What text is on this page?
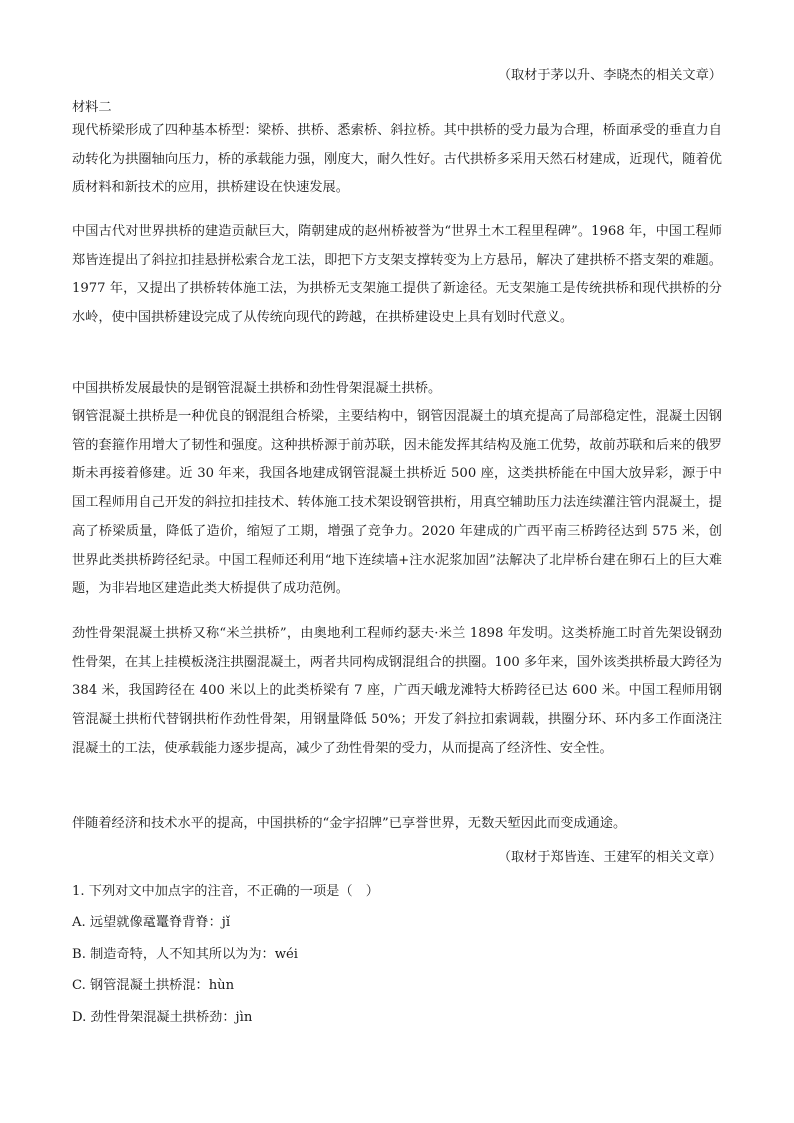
（取材于茅以升、李晓杰的相关文章）
材料二
现代桥梁形成了四种基本桥型：梁桥、拱桥、悉索桥、斜拉桥。其中拱桥的受力最为合理，桥面承受的垂直力自动转化为拱圈轴向压力，桥的承载能力强，刚度大，耐久性好。古代拱桥多采用天然石材建成，近现代，随着优质材料和新技术的应用，拱桥建设在快速发展。
中国古代对世界拱桥的建造贡献巨大，隋朝建成的赵州桥被誉为“世界土木工程里程碑”。1968 年，中国工程师郑皆连提出了斜拉扣挂悬拼松索合龙工法，即把下方支架支撑转变为上方悬吊，解决了建拱桥不搭支架的难题。1977 年，又提出了拱桥转体施工法，为拱桥无支架施工提供了新途径。无支架施工是传统拱桥和现代拱桥的分水岭，使中国拱桥建设完成了从传统向现代的跨越，在拱桥建设史上具有划时代意义。
中国拱桥发展最快的是钢管混凝土拱桥和劲性骨架混凝土拱桥。
钢管混凝土拱桥是一种优良的钢混组合桥梁，主要结构中，钢管因混凝土的填充提高了局部稳定性，混凝土因钢管的套箍作用增大了韧性和强度。这种拱桥源于前苏联，因未能发挥其结构及施工优势，故前苏联和后来的俄罗斯未再接着修建。近 30 年来，我国各地建成钢管混凝土拱桥近 500 座，这类拱桥能在中国大放异彩，源于中国工程师用自己开发的斜拉扣挂技术、转体施工技术架设钢管拱桁，用真空辅助压力法连续灌注管内混凝土，提高了桥梁质量，降低了造价，缩短了工期，增强了竞争力。2020 年建成的广西平南三桥跨径达到 575 米，创世界此类拱桥跨径纪录。中国工程师还利用“地下连续墙+注水泥浆加固”法解决了北岸桥台建在卵石上的巨大难题，为非岩地区建造此类大桥提供了成功范例。
劲性骨架混凝土拱桥又称“米兰拱桥”，由奥地利工程师约瑟夫·米兰 1898 年发明。这类桥施工时首先架设钢劲性骨架，在其上挂模板浇注拱圈混凝土，两者共同构成钢混组合的拱圈。100 多年来，国外该类拱桥最大跨径为 384 米，我国跨径在 400 米以上的此类桥梁有 7 座，广西天峨龙滩特大桥跨径已达 600 米。中国工程师用钢管混凝土拱桁代替钢拱桁作劲性骨架，用钢量降低 50%；开发了斜拉扣索调载，拱圈分环、环内多工作面浇注混凝土的工法，使承载能力逐步提高，减少了劲性骨架的受力，从而提高了经济性、安全性。
伴随着经济和技术水平的提高，中国拱桥的“金字招牌”已享誉世界，无数天堑因此而变成通途。
（取材于郑皆连、王建军的相关文章）
1. 下列对文中加点字的注音，不正确的一项是（　）
A. 远望就像鼋鼍脊背脊：jǐ
B. 制造奇特，人不知其所以为为：wéi
C. 钢管混凝土拱桥混：hùn
D. 劲性骨架混凝土拱桥劲：jìn
